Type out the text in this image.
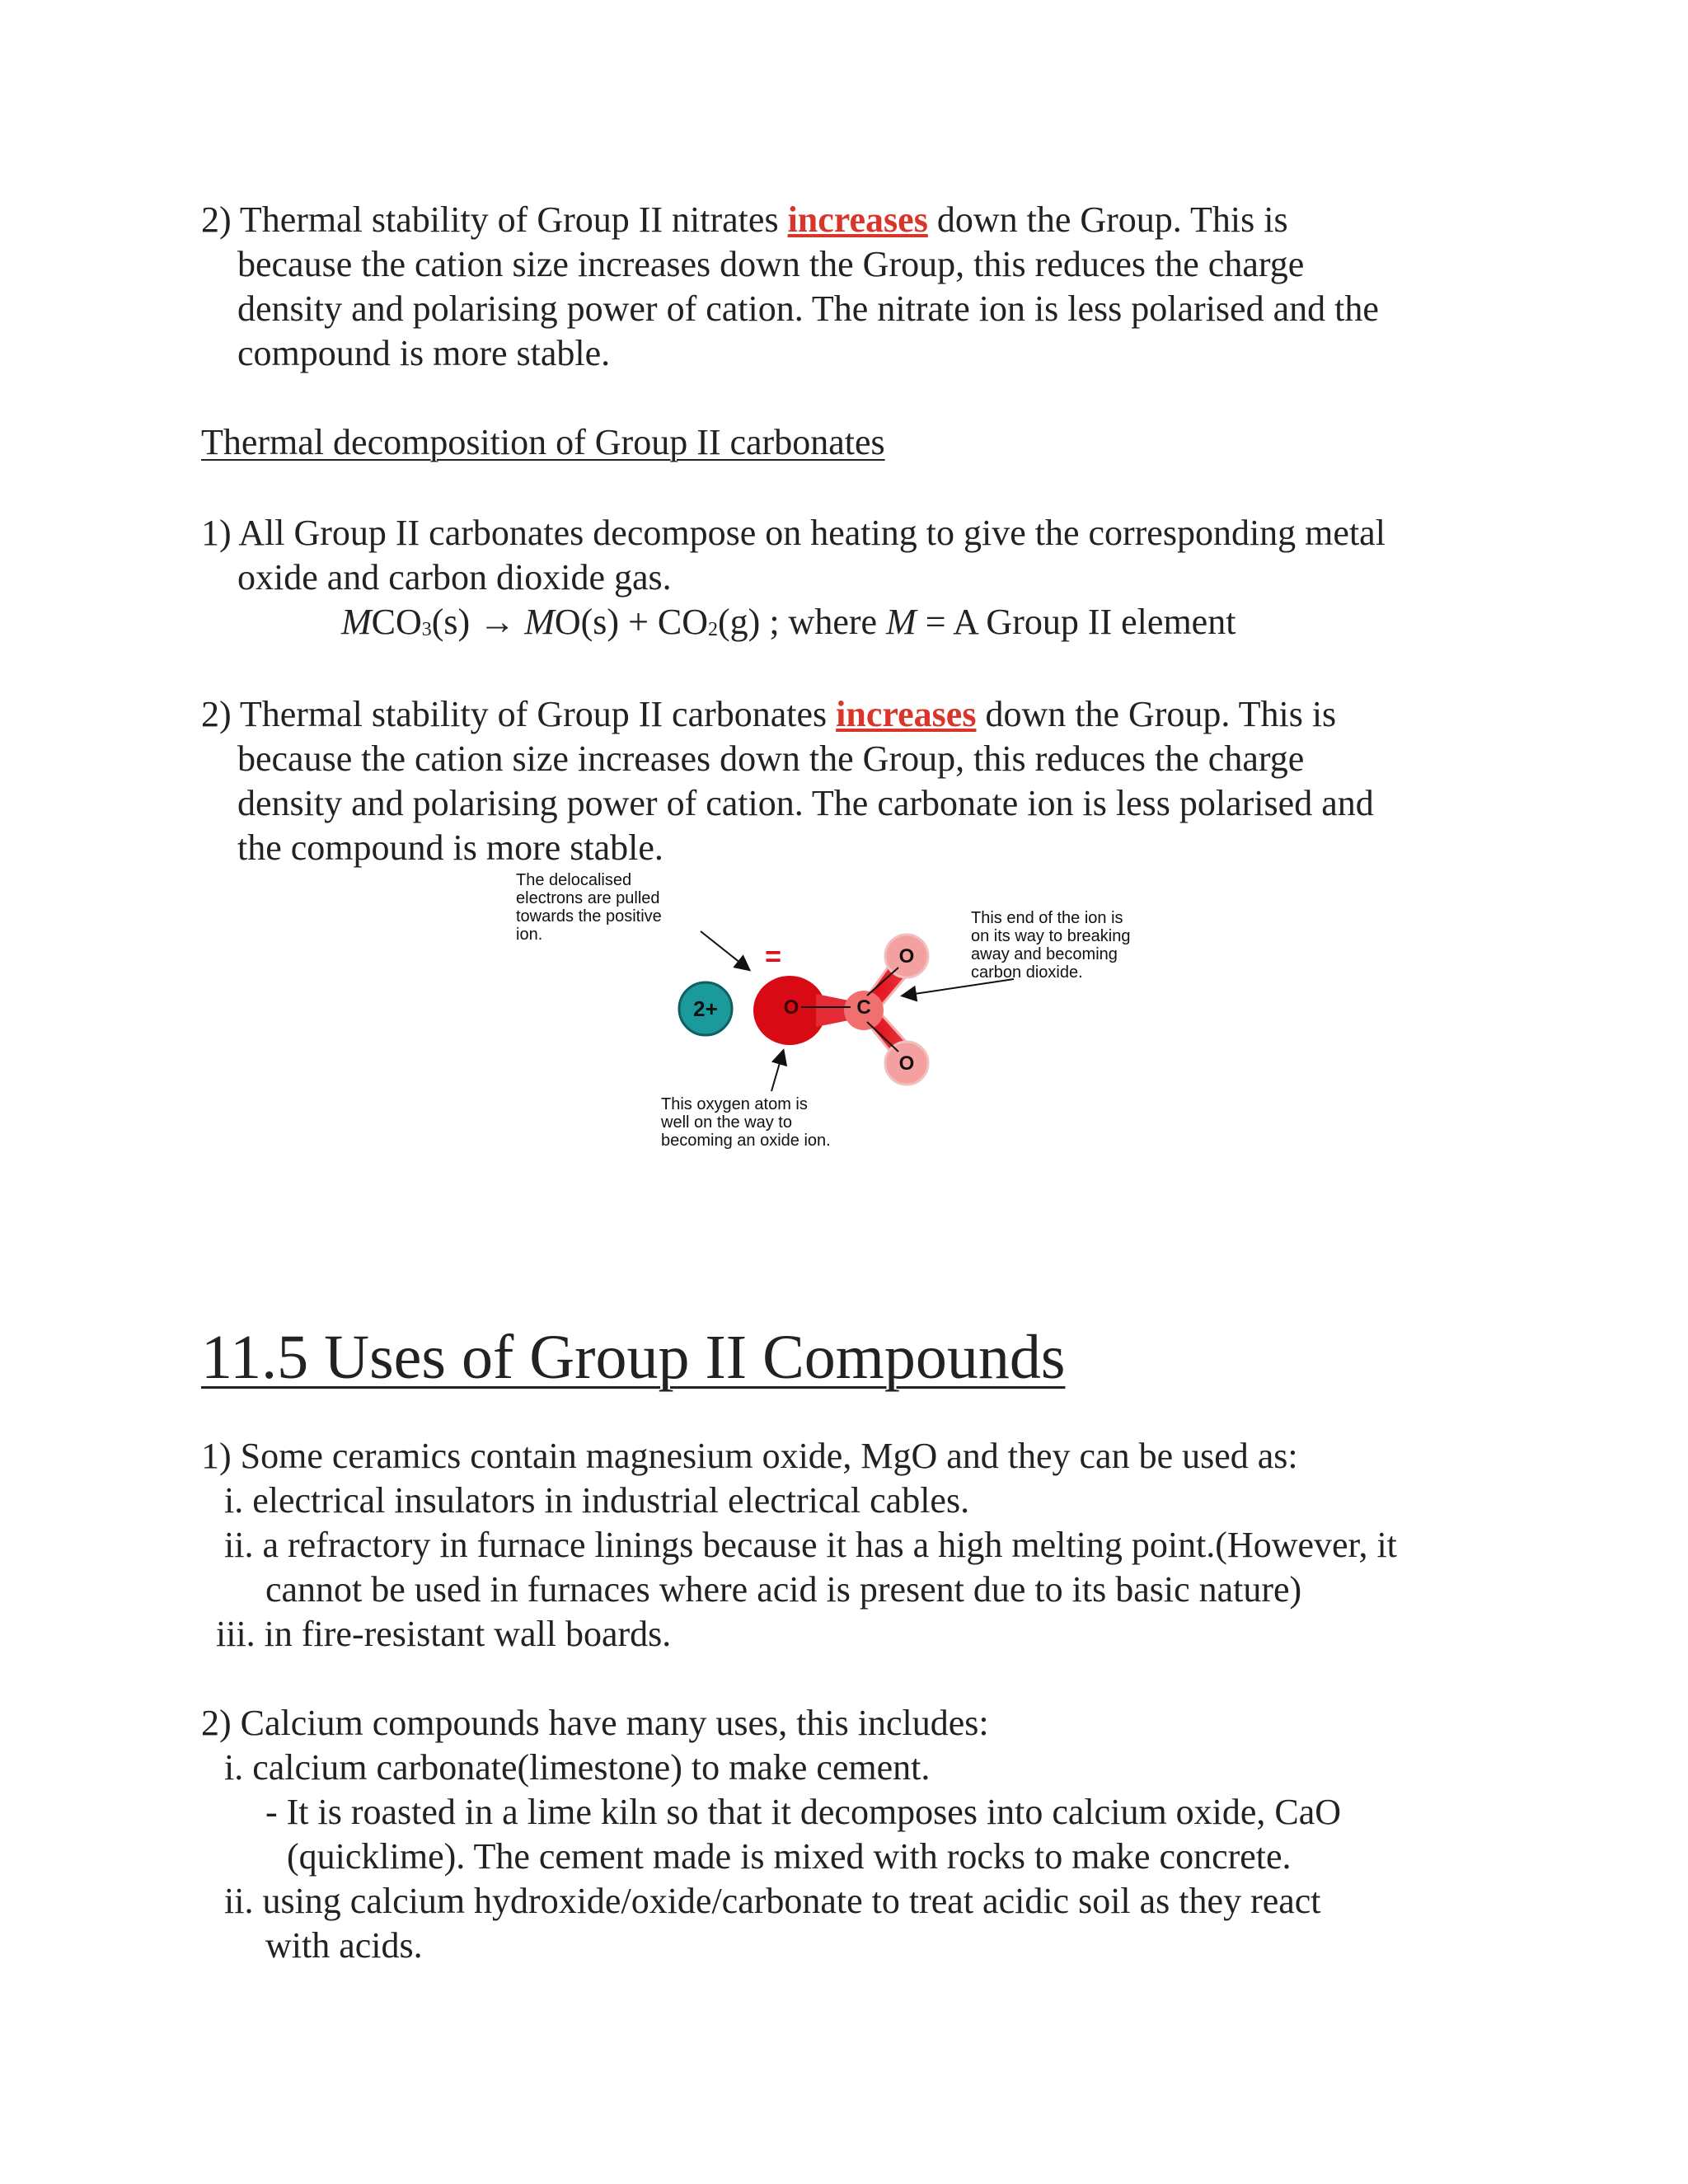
2) Thermal stability of Group II nitrates increases down the Group. This is
because the cation size increases down the Group, this reduces the charge
density and polarising power of cation. The nitrate ion is less polarised and the
compound is more stable.
Thermal decomposition of Group II carbonates
1) All Group II carbonates decompose on heating to give the corresponding metal
oxide and carbon dioxide gas.
$MCO_3(s) \to MO(s) + CO_2(g)$ ; where M = A Group II element
2) Thermal stability of Group II carbonates increases down the Group. This is
because the cation size increases down the Group, this reduces the charge
density and polarising power of cation. The carbonate ion is less polarised and
the compound is more stable.
The delocalised electrons are pulled towards the positive ion.
This end of the ion is on its way to breaking away and becoming carbon dioxide.
This oxygen atom is well on the way to becoming an oxide ion.
2+
=
O	C
O
O
11.5 Uses of Group II Compounds
1) Some ceramics contain magnesium oxide, MgO and they can be used as:
i. electrical insulators in industrial electrical cables.
ii. a refractory in furnace linings because it has a high melting point.(However, it
cannot be used in furnaces where acid is present due to its basic nature)
iii. in fire-resistant wall boards.
2) Calcium compounds have many uses, this includes:
i. calcium carbonate(limestone) to make cement.
- It is roasted in a lime kiln so that it decomposes into calcium oxide, CaO
(quicklime). The cement made is mixed with rocks to make concrete.
ii. using calcium hydroxide/oxide/carbonate to treat acidic soil as they react
with acids.
